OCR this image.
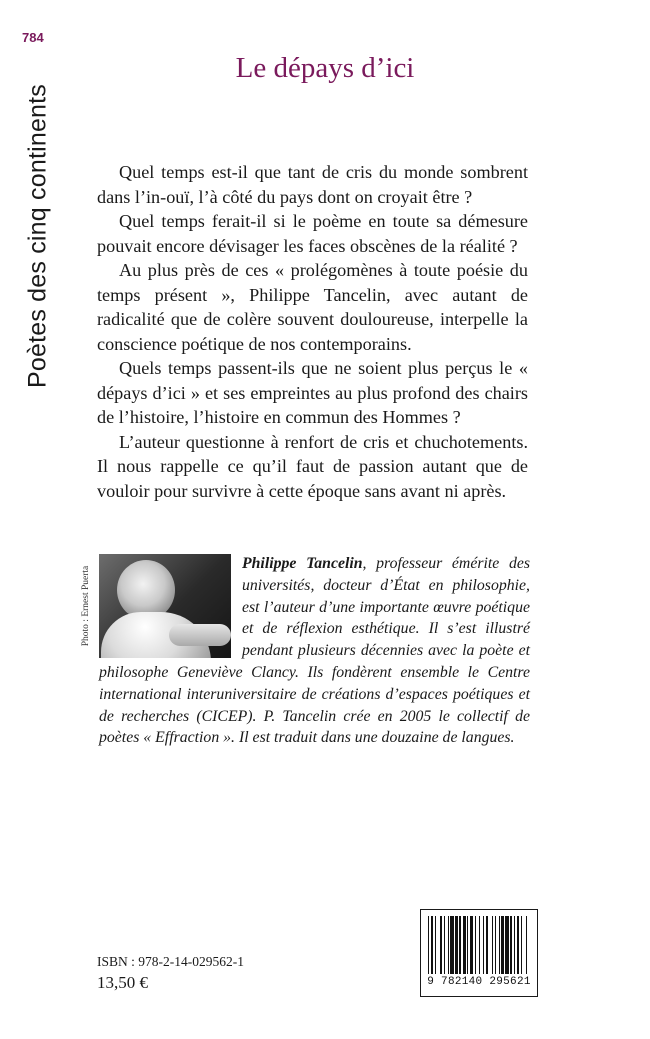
784
Poètes des cinq continents
Le dépays d’ici

Quel temps est-il que tant de cris du monde sombrent dans l’in-ouï, l’à côté du pays dont on croyait être ?

Quel temps ferait-il si le poème en toute sa démesure pouvait encore dévisager les faces obscènes de la réalité ?

Au plus près de ces « prolégomènes à toute poésie du temps présent », Philippe Tancelin, avec autant de radicalité que de colère souvent douloureuse, interpelle la conscience poétique de nos contemporains.

Quels temps passent-ils que ne soient plus perçus le « dépays d’ici » et ses empreintes au plus profond des chairs de l’histoire, l’histoire en commun des Hommes ?

L’auteur questionne à renfort de cris et chuchotements. Il nous rappelle ce qu’il faut de passion autant que de vouloir pour survivre à cette époque sans avant ni après.

Photo : Ernest Puerta
Philippe Tancelin, professeur émérite des universités, docteur d’État en philosophie, est l’auteur d’une importante œuvre poétique et de réflexion esthétique. Il s’est illustré pendant plusieurs décennies avec la poète et philosophe Geneviève Clancy. Ils fondèrent ensemble le Centre international interuniversitaire de créations d’espaces poétiques et de recherches (CICEP). P. Tancelin crée en 2005 le collectif de poètes « Effraction ». Il est traduit dans une douzaine de langues.
ISBN : 978-2-14-029562-1
13,50 €	9 782140 295621
